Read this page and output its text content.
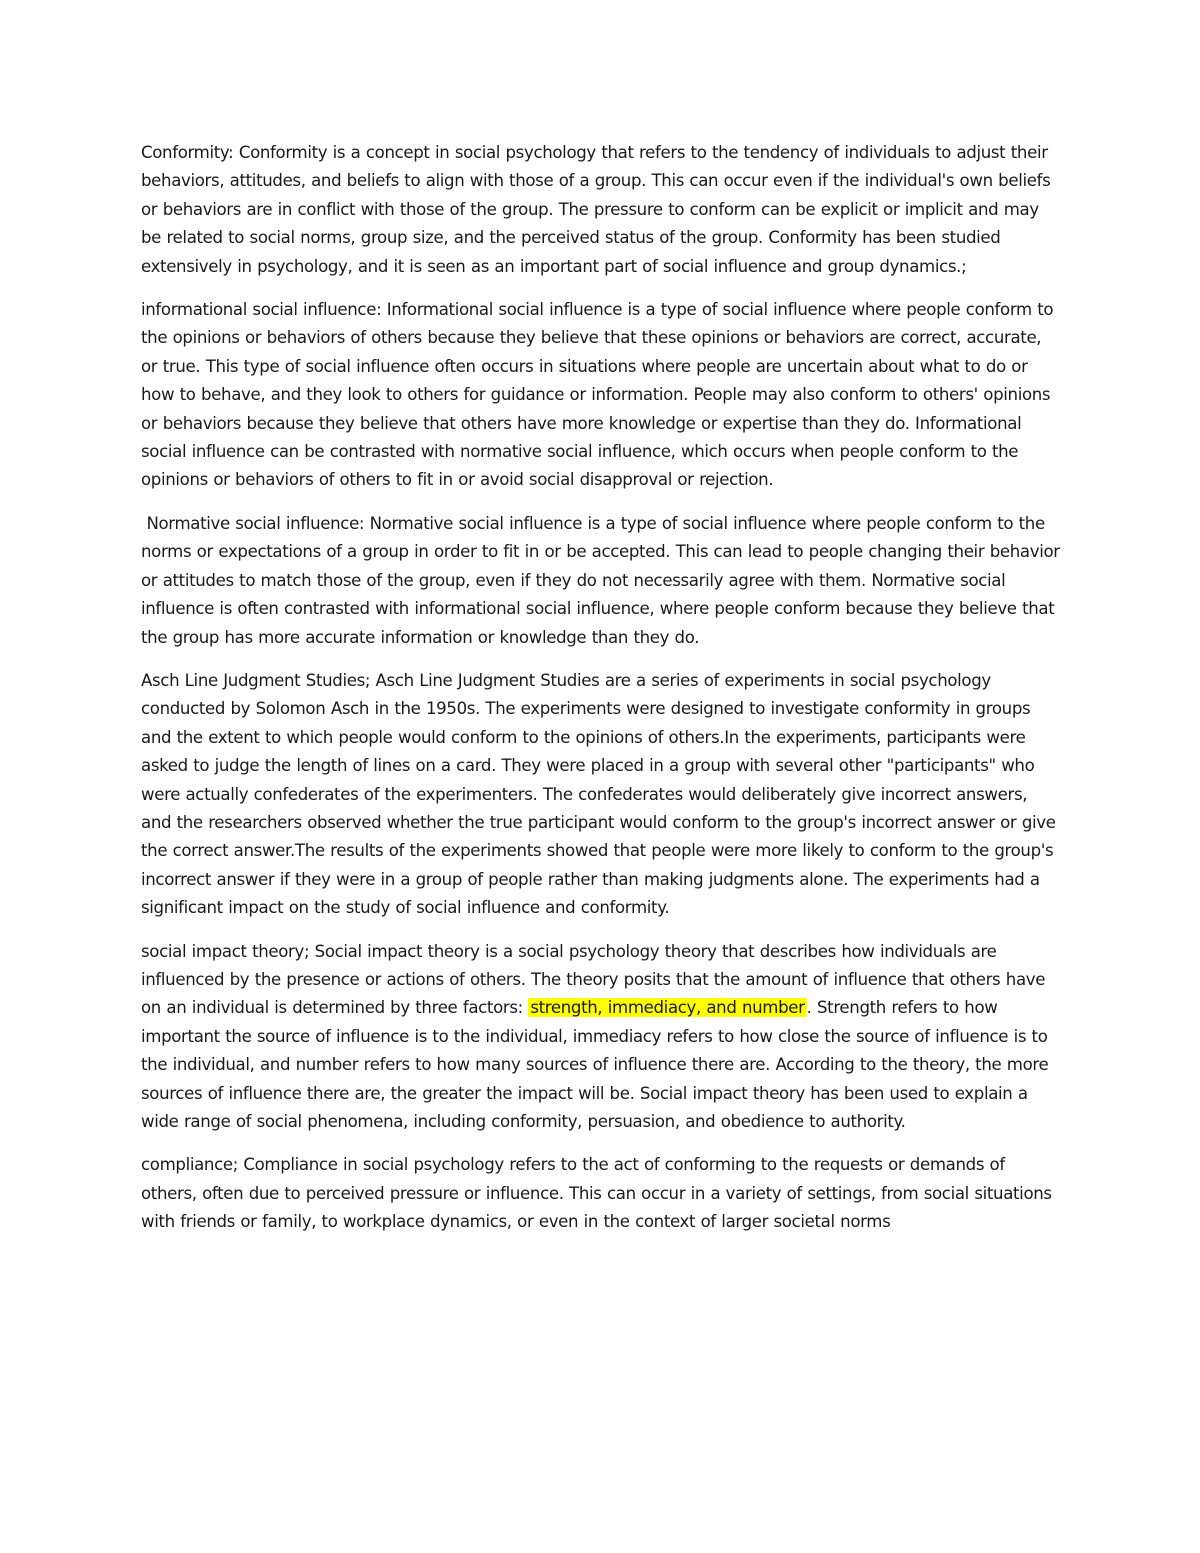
Conformity: Conformity is a concept in social psychology that refers to the tendency of individuals to adjust their behaviors, attitudes, and beliefs to align with those of a group. This can occur even if the individual's own beliefs or behaviors are in conflict with those of the group. The pressure to conform can be explicit or implicit and may be related to social norms, group size, and the perceived status of the group. Conformity has been studied extensively in psychology, and it is seen as an important part of social influence and group dynamics.;

informational social influence: Informational social influence is a type of social influence where people conform to the opinions or behaviors of others because they believe that these opinions or behaviors are correct, accurate, or true. This type of social influence often occurs in situations where people are uncertain about what to do or how to behave, and they look to others for guidance or information. People may also conform to others' opinions or behaviors because they believe that others have more knowledge or expertise than they do. Informational social influence can be contrasted with normative social influence, which occurs when people conform to the opinions or behaviors of others to fit in or avoid social disapproval or rejection.

Normative social influence: Normative social influence is a type of social influence where people conform to the norms or expectations of a group in order to fit in or be accepted. This can lead to people changing their behavior or attitudes to match those of the group, even if they do not necessarily agree with them. Normative social influence is often contrasted with informational social influence, where people conform because they believe that the group has more accurate information or knowledge than they do.

Asch Line Judgment Studies; Asch Line Judgment Studies are a series of experiments in social psychology conducted by Solomon Asch in the 1950s. The experiments were designed to investigate conformity in groups and the extent to which people would conform to the opinions of others.In the experiments, participants were asked to judge the length of lines on a card. They were placed in a group with several other "participants" who were actually confederates of the experimenters. The confederates would deliberately give incorrect answers, and the researchers observed whether the true participant would conform to the group's incorrect answer or give the correct answer.The results of the experiments showed that people were more likely to conform to the group's incorrect answer if they were in a group of people rather than making judgments alone. The experiments had a significant impact on the study of social influence and conformity.

social impact theory; Social impact theory is a social psychology theory that describes how individuals are influenced by the presence or actions of others. The theory posits that the amount of influence that others have on an individual is determined by three factors: strength, immediacy, and number . Strength refers to how important the source of influence is to the individual, immediacy refers to how close the source of influence is to the individual, and number refers to how many sources of influence there are. According to the theory, the more sources of influence there are, the greater the impact will be. Social impact theory has been used to explain a wide range of social phenomena, including conformity, persuasion, and obedience to authority.

compliance; Compliance in social psychology refers to the act of conforming to the requests or demands of others, often due to perceived pressure or influence. This can occur in a variety of settings, from social situations with friends or family, to workplace dynamics, or even in the context of larger societal norms
